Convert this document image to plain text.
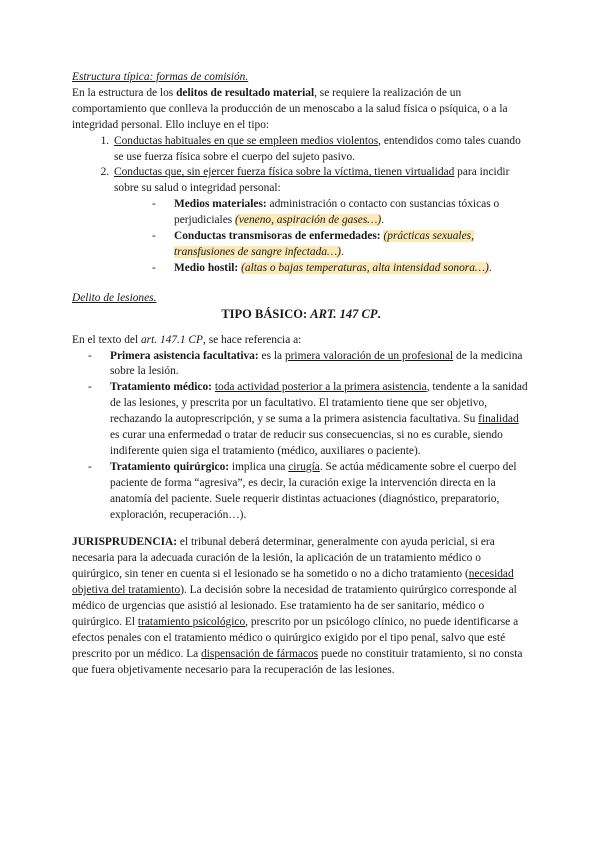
Estructura típica: formas de comisión.

En la estructura de los delitos de resultado material, se requiere la realización de un comportamiento que conlleva la producción de un menoscabo a la salud física o psíquica, o a la integridad personal. Ello incluye en el tipo:

1. Conductas habituales en que se empleen medios violentos, entendidos como tales cuando se use fuerza física sobre el cuerpo del sujeto pasivo.
2. Conductas que, sin ejercer fuerza física sobre la víctima, tienen virtualidad para incidir sobre su salud o integridad personal:
- Medios materiales: administración o contacto con sustancias tóxicas o perjudiciales (veneno, aspiración de gases…).
- Conductas transmisoras de enfermedades: (prácticas sexuales, transfusiones de sangre infectada…).
- Medio hostil: (altas o bajas temperaturas, alta intensidad sonora…).

Delito de lesiones.

TIPO BÁSICO: ART. 147 CP.

En el texto del art. 147.1 CP, se hace referencia a:

- Primera asistencia facultativa: es la primera valoración de un profesional de la medicina sobre la lesión.
- Tratamiento médico: toda actividad posterior a la primera asistencia, tendente a la sanidad de las lesiones, y prescrita por un facultativo. El tratamiento tiene que ser objetivo, rechazando la autoprescripción, y se suma a la primera asistencia facultativa. Su finalidad es curar una enfermedad o tratar de reducir sus consecuencias, si no es curable, siendo indiferente quien siga el tratamiento (médico, auxiliares o paciente).
- Tratamiento quirúrgico: implica una cirugía. Se actúa médicamente sobre el cuerpo del paciente de forma “agresiva”, es decir, la curación exige la intervención directa en la anatomía del paciente. Suele requerir distintas actuaciones (diagnóstico, preparatorio, exploración, recuperación…).

JURISPRUDENCIA: el tribunal deberá determinar, generalmente con ayuda pericial, si era necesaria para la adecuada curación de la lesión, la aplicación de un tratamiento médico o quirúrgico, sin tener en cuenta si el lesionado se ha sometido o no a dicho tratamiento (necesidad objetiva del tratamiento). La decisión sobre la necesidad de tratamiento quirúrgico corresponde al médico de urgencias que asistió al lesionado. Ese tratamiento ha de ser sanitario, médico o quirúrgico. El tratamiento psicológico, prescrito por un psicólogo clínico, no puede identificarse a efectos penales con el tratamiento médico o quirúrgico exigido por el tipo penal, salvo que esté prescrito por un médico. La dispensación de fármacos puede no constituir tratamiento, si no consta que fuera objetivamente necesario para la recuperación de las lesiones.
